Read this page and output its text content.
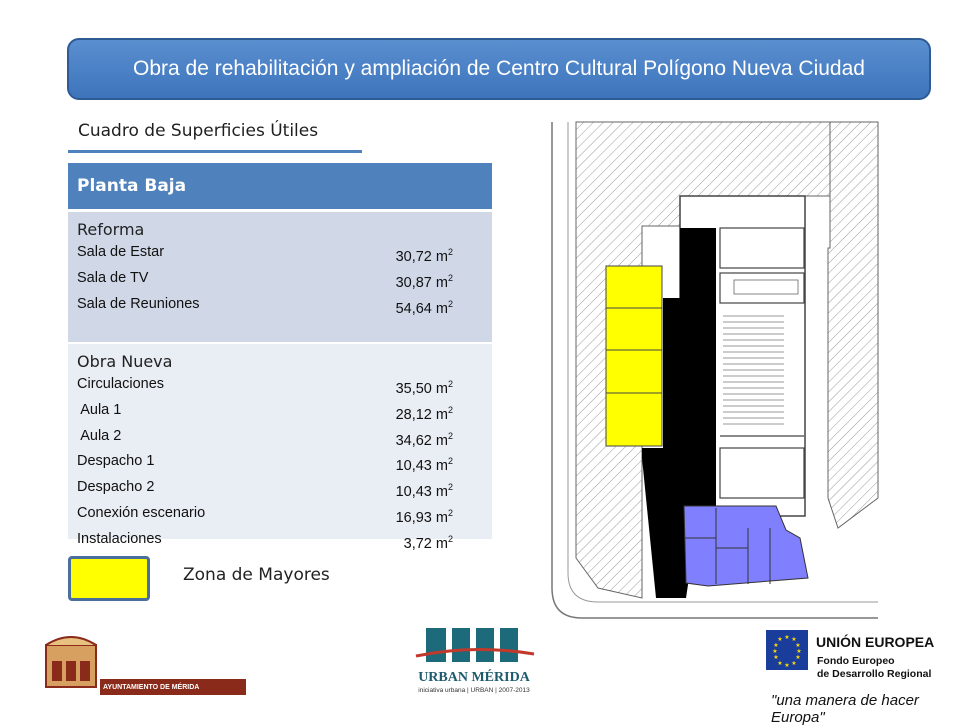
Obra de rehabilitación y ampliación de Centro Cultural Polígono Nueva Ciudad
Cuadro de Superficies Útiles
Planta Baja
Reforma
Sala de Estar	30,72 $m^2$
Sala de TV	30,87 $m^2$
Sala de Reuniones	54,64 $m^2$
Obra Nueva
Circulaciones	35,50 $m^2$
Aula 1	28,12 $m^2$
Aula 2	34,62 $m^2$
Despacho 1	10,43 $m^2$
Despacho 2	10,43 $m^2$
Conexión escenario	16,93 $m^2$
Instalaciones	3,72 $m^2$
Zona de Mayores
AYUNTAMIENTO DE MÉRIDA
URBAN MÉRIDA
iniciativa urbana | URBAN | 2007-2013
★ ★
★
★
★
★
★
★
★
★
★
★ UNIÓN EUROPEA
Fondo Europeo
de Desarrollo Regional
"una manera de hacer Europa"
